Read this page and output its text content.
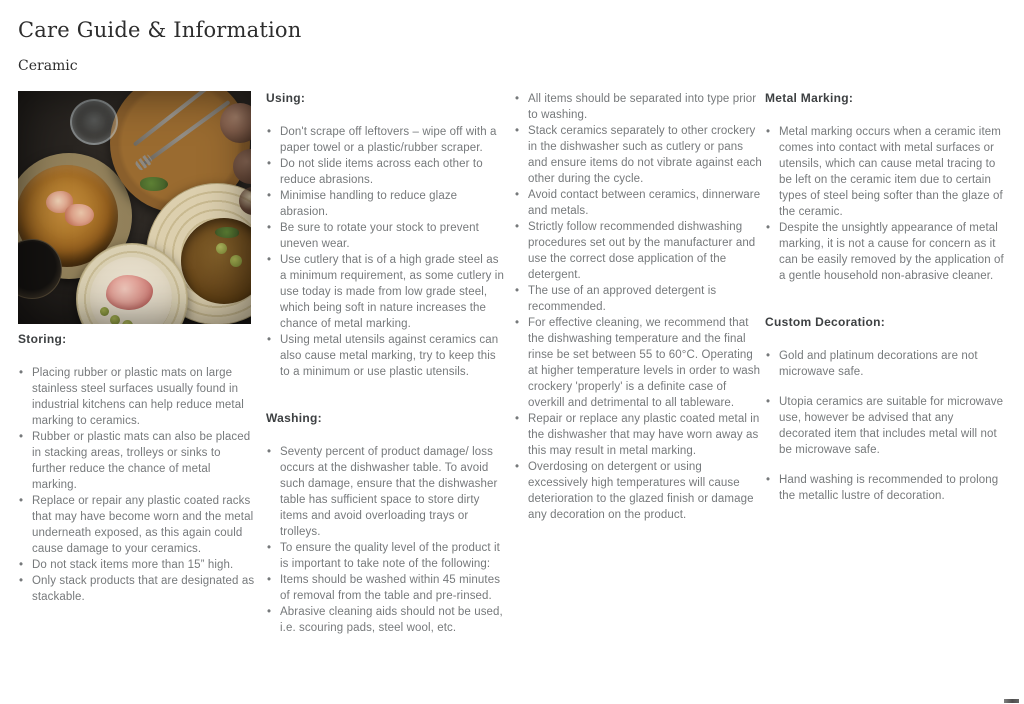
Care Guide & Information
Ceramic
Storing:
• Placing rubber or plastic mats on large stainless steel surfaces usually found in industrial kitchens can help reduce metal marking to ceramics.
• Rubber or plastic mats can also be placed in stacking areas, trolleys or sinks to further reduce the chance of metal marking.
• Replace or repair any plastic coated racks that may have become worn and the metal underneath exposed, as this again could cause damage to your ceramics.
• Do not stack items more than 15” high.
• Only stack products that are designated as stackable.
Using:
• Don't scrape off leftovers – wipe off with a paper towel or a plastic/rubber scraper.
• Do not slide items across each other to reduce abrasions.
• Minimise handling to reduce glaze abrasion.
• Be sure to rotate your stock to prevent uneven wear.
• Use cutlery that is of a high grade steel as a minimum requirement, as some cutlery in use today is made from low grade steel, which being soft in nature increases the chance of metal marking.
• Using metal utensils against ceramics can also cause metal marking, try to keep this to a minimum or use plastic utensils.
Washing:
• Seventy percent of product damage/ loss occurs at the dishwasher table. To avoid such damage, ensure that the dishwasher table has sufficient space to store dirty items and avoid overloading trays or trolleys.
• To ensure the quality level of the product it is important to take note of the following:
• Items should be washed within 45 minutes of removal from the table and pre-rinsed.
• Abrasive cleaning aids should not be used, i.e. scouring pads, steel wool, etc.
• All items should be separated into type prior to washing.
• Stack ceramics separately to other crockery in the dishwasher such as cutlery or pans and ensure items do not vibrate against each other during the cycle.
• Avoid contact between ceramics, dinnerware and metals.
• Strictly follow recommended dishwashing procedures set out by the manufacturer and use the correct dose application of the detergent.
• The use of an approved detergent is recommended.
• For effective cleaning, we recommend that the dishwashing temperature and the final rinse be set between 55 to 60°C. Operating at higher temperature levels in order to wash crockery 'properly' is a definite case of overkill and detrimental to all tableware.
• Repair or replace any plastic coated metal in the dishwasher that may have worn away as this may result in metal marking.
• Overdosing on detergent or using excessively high temperatures will cause deterioration to the glazed finish or damage any decoration on the product.
Metal Marking:
• Metal marking occurs when a ceramic item comes into contact with metal surfaces or utensils, which can cause metal tracing to be left on the ceramic item due to certain types of steel being softer than the glaze of the ceramic.
• Despite the unsightly appearance of metal marking, it is not a cause for concern as it can be easily removed by the application of a gentle household non-abrasive cleaner.
Custom Decoration:
• Gold and platinum decorations are not microwave safe.
• Utopia ceramics are suitable for microwave use, however be advised that any decorated item that includes metal will not be microwave safe.
• Hand washing is recommended to prolong the metallic lustre of decoration.
